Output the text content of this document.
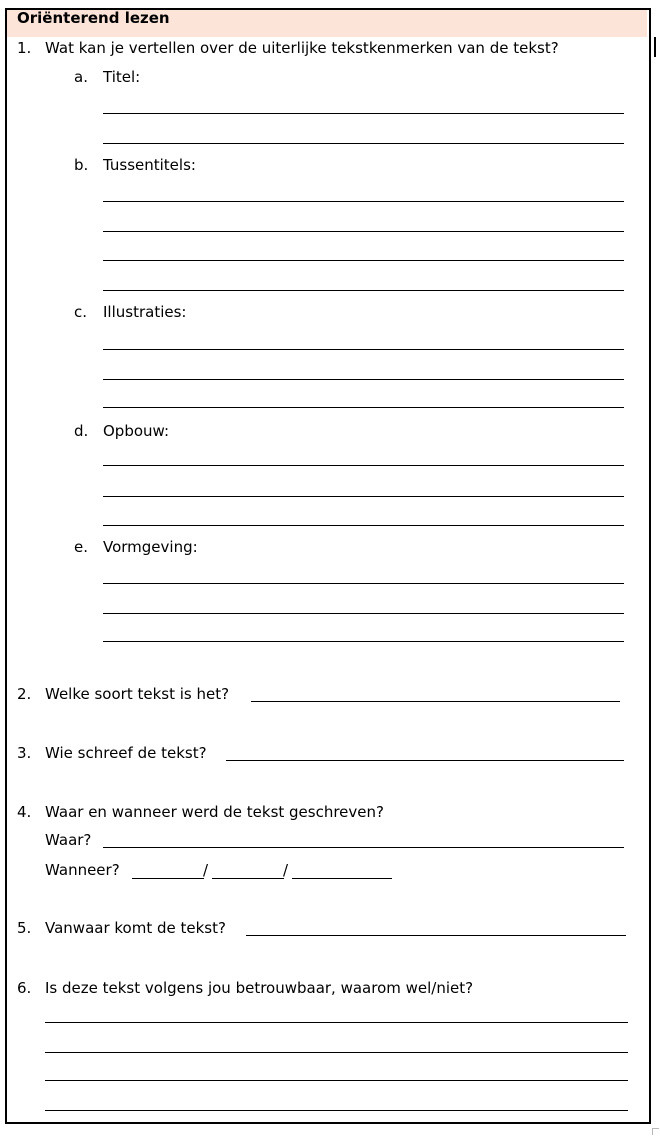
Oriënterend lezen
1. Wat kan je vertellen over de uiterlijke tekstkenmerken van de tekst?
a. Titel:
b. Tussentitels:
c. Illustraties:
d. Opbouw:
e. Vormgeving:
2. Welke soort tekst is het?
3. Wie schreef de tekst?
4. Waar en wanneer werd de tekst geschreven?
Waar?
Wanneer?	/	/
5. Vanwaar komt de tekst?
6. Is deze tekst volgens jou betrouwbaar, waarom wel/niet?
